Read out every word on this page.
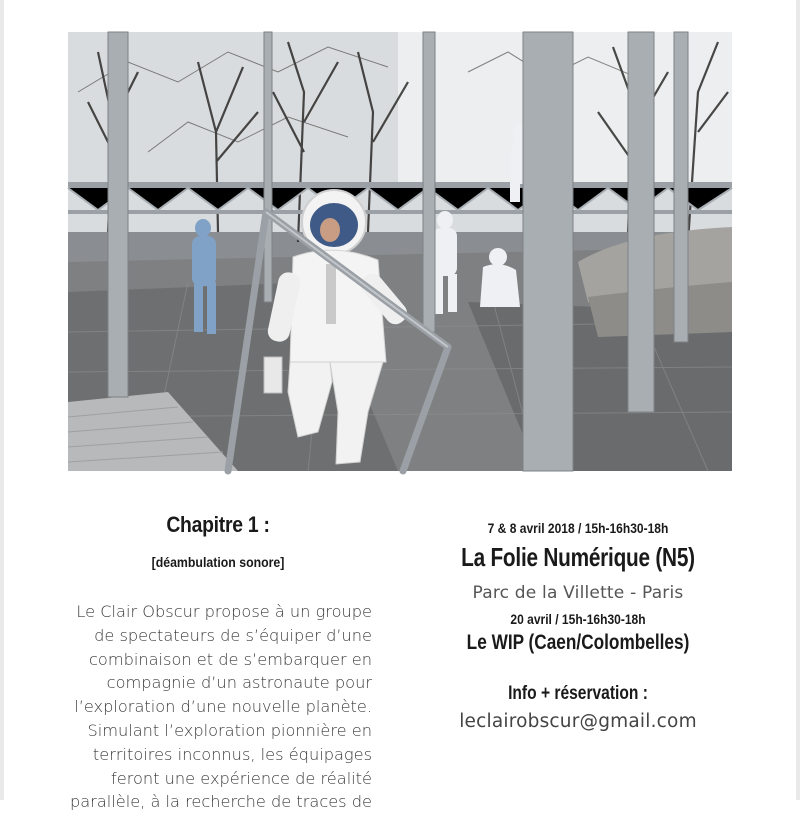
Chapitre 1 :
[déambulation sonore]
Le Clair Obscur propose à un groupe
de spectateurs de s’équiper d’une
combinaison et de s’embarquer en
compagnie d’un astronaute pour
l’exploration d’une nouvelle planète.
Simulant l’exploration pionnière en
territoires inconnus, les équipages
feront une expérience de réalité
parallèle, à la recherche de traces de
7 & 8 avril 2018 / 15h-16h30-18h
La Folie Numérique (N5)
Parc de la Villette - Paris
20 avril / 15h-16h30-18h
Le WIP (Caen/Colombelles)
Info + réservation :
leclairobscur@gmail.com
